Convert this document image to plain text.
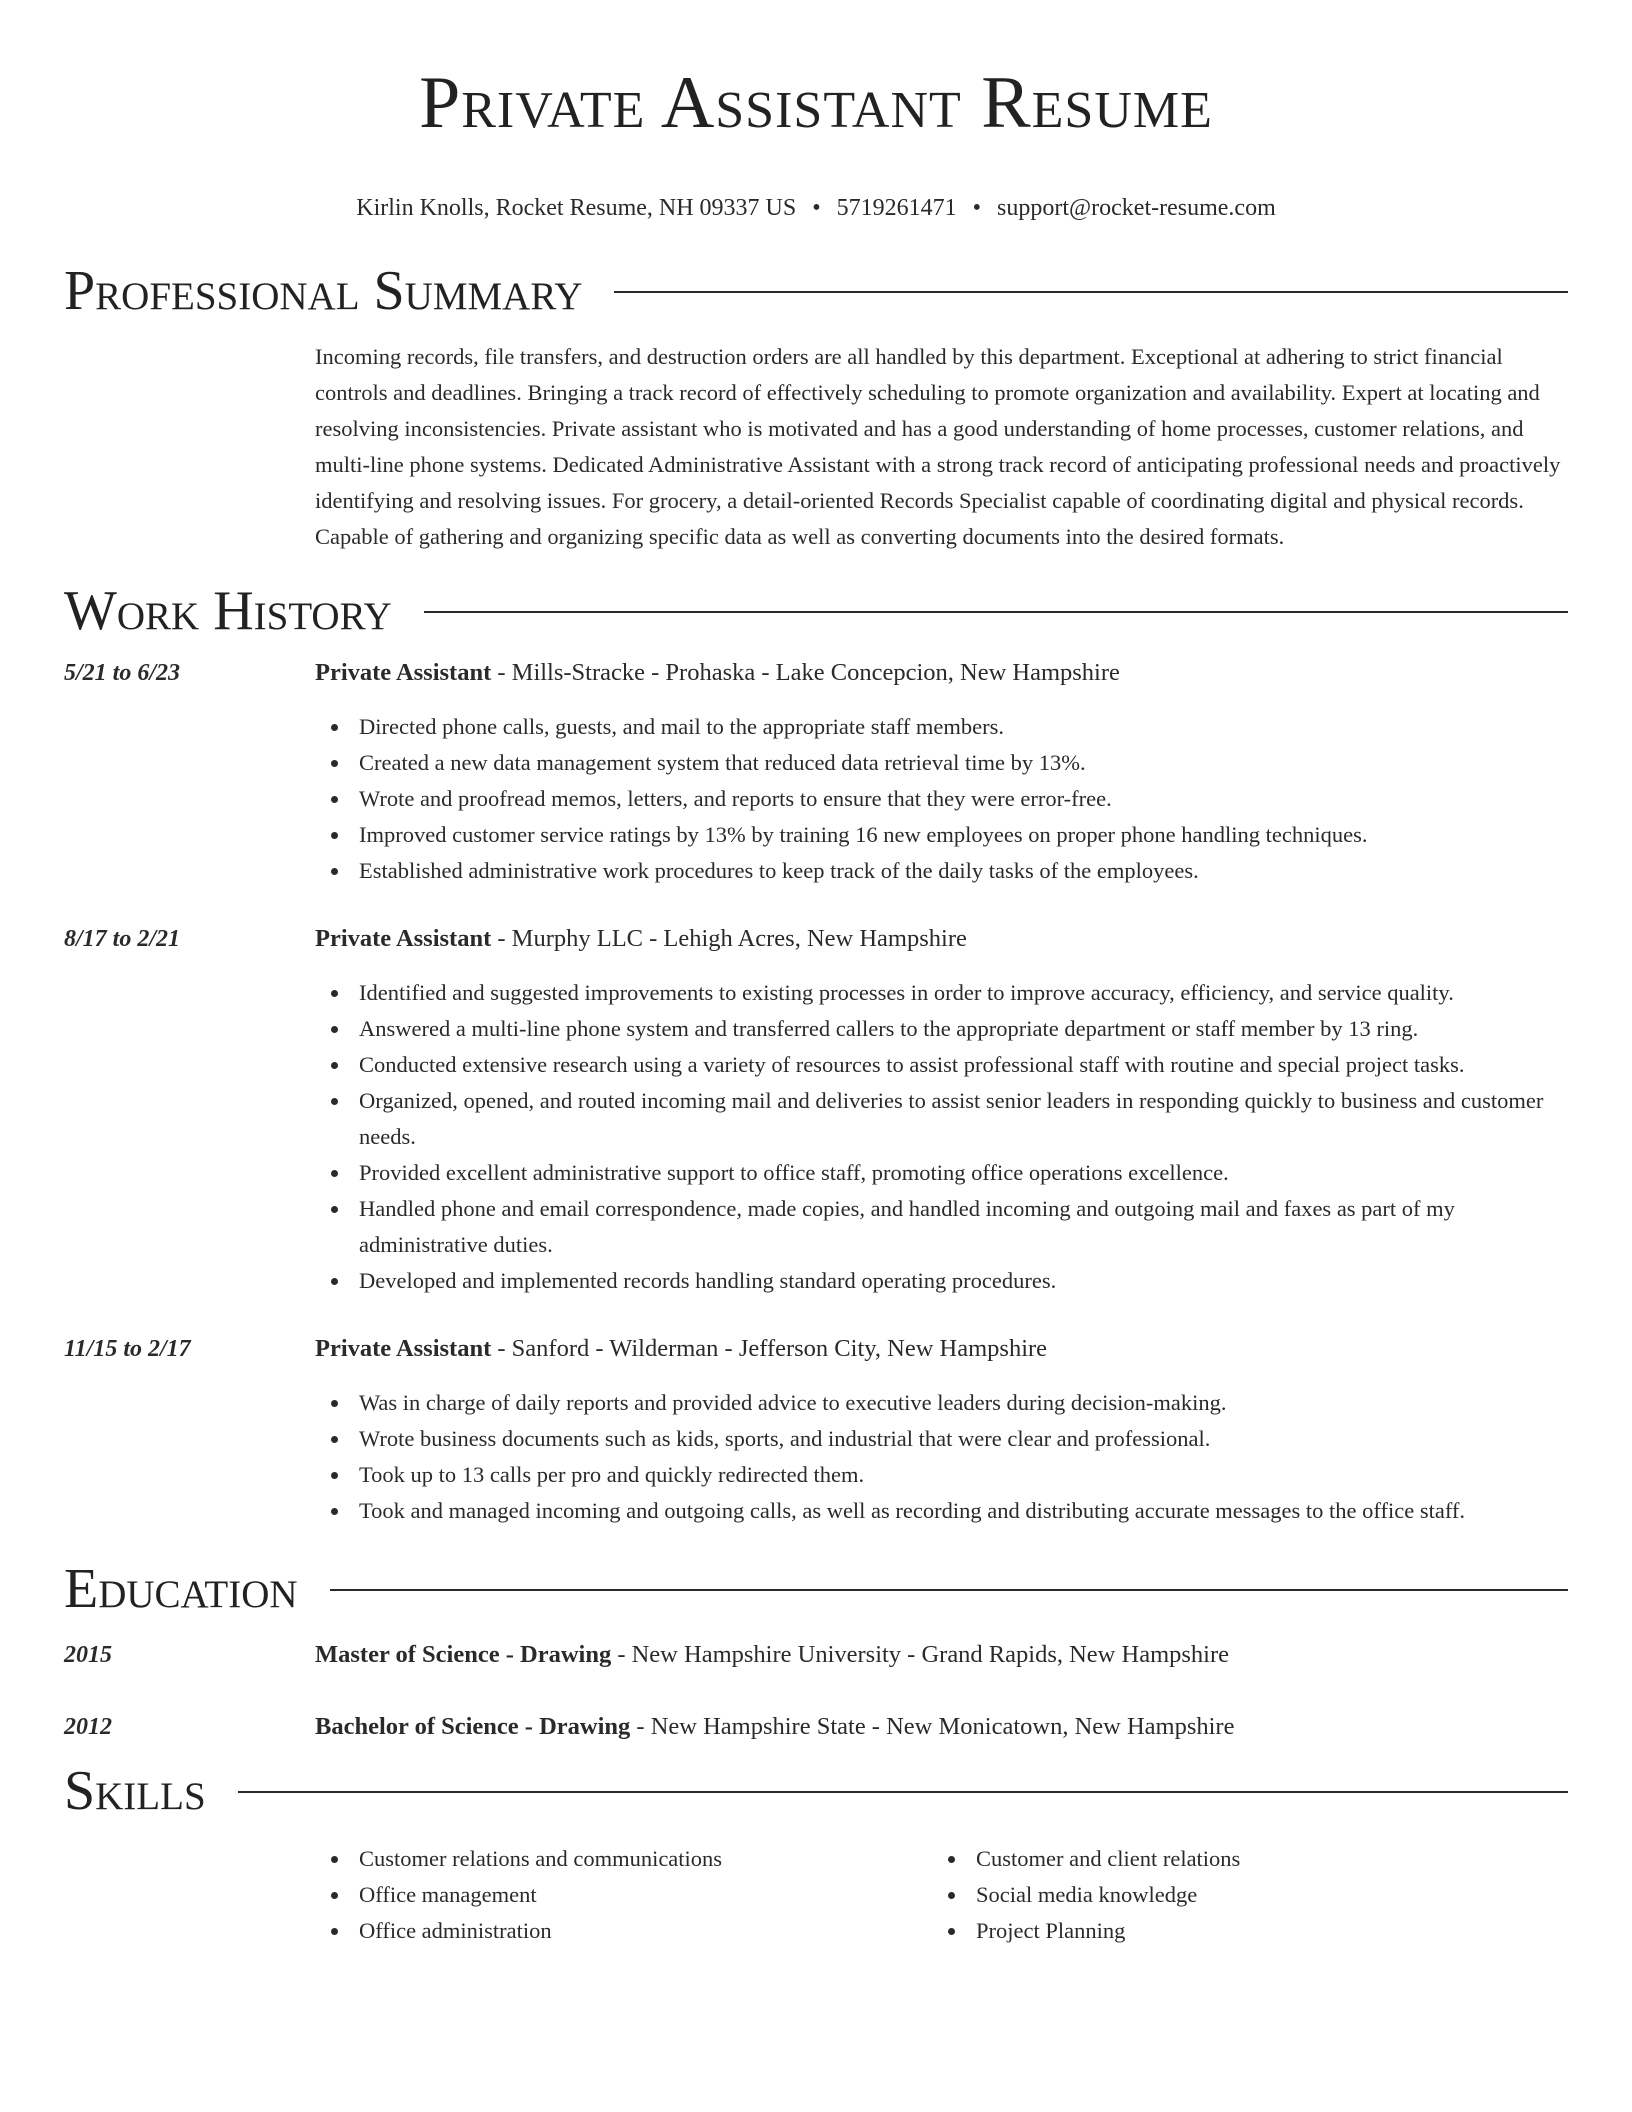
Private Assistant Resume
Kirlin Knolls, Rocket Resume, NH 09337 US • 5719261471 • support@rocket-resume.com
Professional Summary
Incoming records, file transfers, and destruction orders are all handled by this department. Exceptional at adhering to strict financial controls and deadlines. Bringing a track record of effectively scheduling to promote organization and availability. Expert at locating and resolving inconsistencies. Private assistant who is motivated and has a good understanding of home processes, customer relations, and multi-line phone systems. Dedicated Administrative Assistant with a strong track record of anticipating professional needs and proactively identifying and resolving issues. For grocery, a detail-oriented Records Specialist capable of coordinating digital and physical records. Capable of gathering and organizing specific data as well as converting documents into the desired formats.
Work History
5/21 to 6/23	Private Assistant - Mills-Stracke - Prohaska - Lake Concepcion, New Hampshire
Directed phone calls, guests, and mail to the appropriate staff members.
Created a new data management system that reduced data retrieval time by 13%.
Wrote and proofread memos, letters, and reports to ensure that they were error-free.
Improved customer service ratings by 13% by training 16 new employees on proper phone handling techniques.
Established administrative work procedures to keep track of the daily tasks of the employees.
8/17 to 2/21	Private Assistant - Murphy LLC - Lehigh Acres, New Hampshire
Identified and suggested improvements to existing processes in order to improve accuracy, efficiency, and service quality.
Answered a multi-line phone system and transferred callers to the appropriate department or staff member by 13 ring.
Conducted extensive research using a variety of resources to assist professional staff with routine and special project tasks.
Organized, opened, and routed incoming mail and deliveries to assist senior leaders in responding quickly to business and customer needs.
Provided excellent administrative support to office staff, promoting office operations excellence.
Handled phone and email correspondence, made copies, and handled incoming and outgoing mail and faxes as part of my administrative duties.
Developed and implemented records handling standard operating procedures.
11/15 to 2/17	Private Assistant - Sanford - Wilderman - Jefferson City, New Hampshire
Was in charge of daily reports and provided advice to executive leaders during decision-making.
Wrote business documents such as kids, sports, and industrial that were clear and professional.
Took up to 13 calls per pro and quickly redirected them.
Took and managed incoming and outgoing calls, as well as recording and distributing accurate messages to the office staff.
Education
2015	Master of Science - Drawing - New Hampshire University - Grand Rapids, New Hampshire
2012	Bachelor of Science - Drawing - New Hampshire State - New Monicatown, New Hampshire
Skills
Customer relations and communications
Office management
Office administration
Customer and client relations
Social media knowledge
Project Planning
